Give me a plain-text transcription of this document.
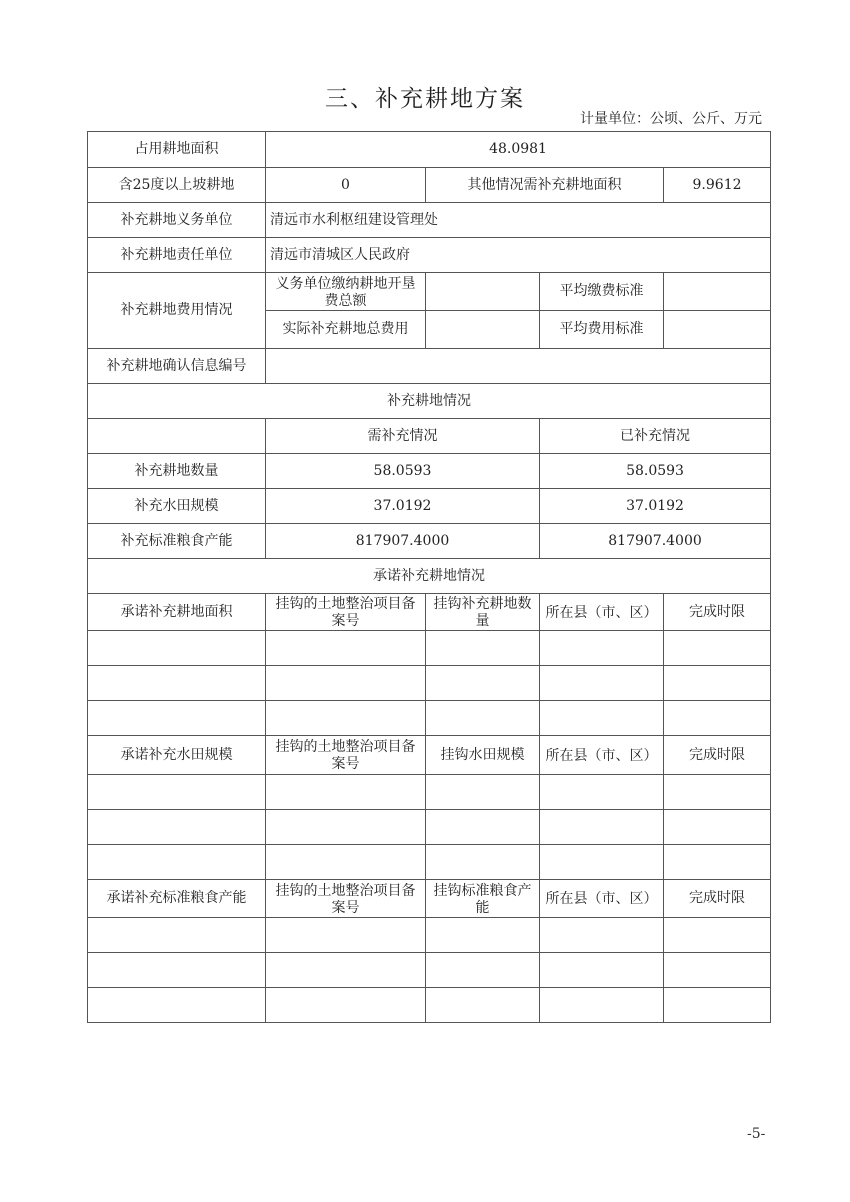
三、补充耕地方案
计量单位：公顷、公斤、万元
占用耕地面积	48.0981			
含25度以上坡耕地	0	其他情况需补充耕地面积		9.9612
补充耕地义务单位	清远市水利枢纽建设管理处			
补充耕地责任单位	清远市清城区人民政府			
补充耕地费用情况	义务单位缴纳耕地开垦费总额		平均缴费标准	
	实际补充耕地总费用		平均费用标准	
补充耕地确认信息编号				
补充耕地情况				
	需补充情况		已补充情况	
补充耕地数量	58.0593		58.0593	
补充水田规模	37.0192		37.0192	
补充标准粮食产能	817907.4000		817907.4000	
承诺补充耕地情况				
承诺补充耕地面积	挂钩的土地整治项目备案号	挂钩补充耕地数量	所在县（市、区）	完成时限

承诺补充水田规模	挂钩的土地整治项目备案号	挂钩水田规模	所在县（市、区）	完成时限

承诺补充标准粮食产能	挂钩的土地整治项目备案号	挂钩标准粮食产能	所在县（市、区）	完成时限

-5-
